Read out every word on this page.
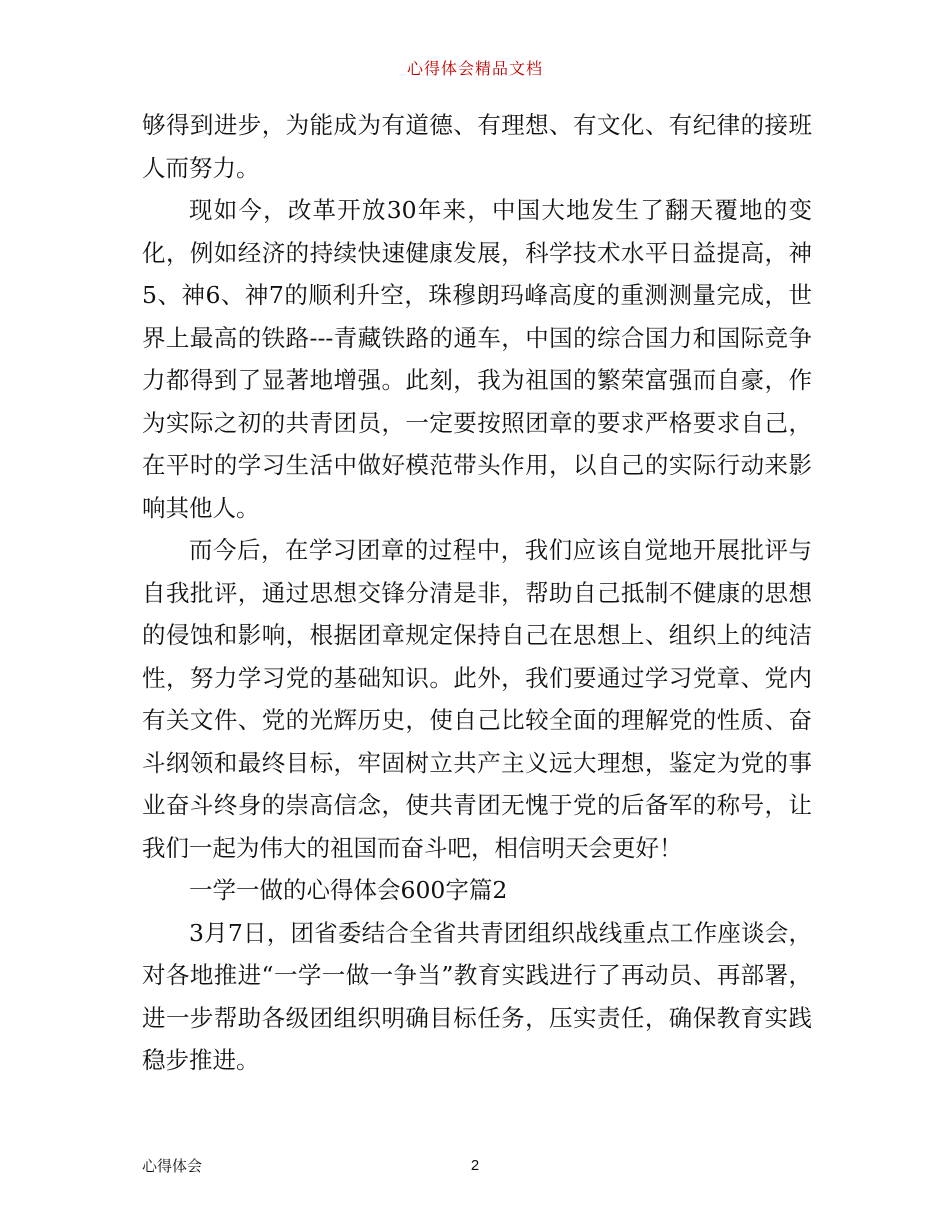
心得体会精品文档

够得到进步，为能成为有道德、有理想、有文化、有纪律的接班人而努力。

现如今，改革开放30年来，中国大地发生了翻天覆地的变化，例如经济的持续快速健康发展，科学技术水平日益提高，神5、神6、神7的顺利升空，珠穆朗玛峰高度的重测测量完成，世界上最高的铁路---青藏铁路的通车，中国的综合国力和国际竞争力都得到了显著地增强。此刻，我为祖国的繁荣富强而自豪，作为实际之初的共青团员，一定要按照团章的要求严格要求自己，在平时的学习生活中做好模范带头作用，以自己的实际行动来影响其他人。

而今后，在学习团章的过程中，我们应该自觉地开展批评与自我批评，通过思想交锋分清是非，帮助自己抵制不健康的思想的侵蚀和影响，根据团章规定保持自己在思想上、组织上的纯洁性，努力学习党的基础知识。此外，我们要通过学习党章、党内有关文件、党的光辉历史，使自己比较全面的理解党的性质、奋斗纲领和最终目标，牢固树立共产主义远大理想，鉴定为党的事业奋斗终身的崇高信念，使共青团无愧于党的后备军的称号，让我们一起为伟大的祖国而奋斗吧，相信明天会更好！

一学一做的心得体会600字篇2

3月7日，团省委结合全省共青团组织战线重点工作座谈会，对各地推进“一学一做一争当”教育实践进行了再动员、再部署，进一步帮助各级团组织明确目标任务，压实责任，确保教育实践稳步推进。

心得体会	2
